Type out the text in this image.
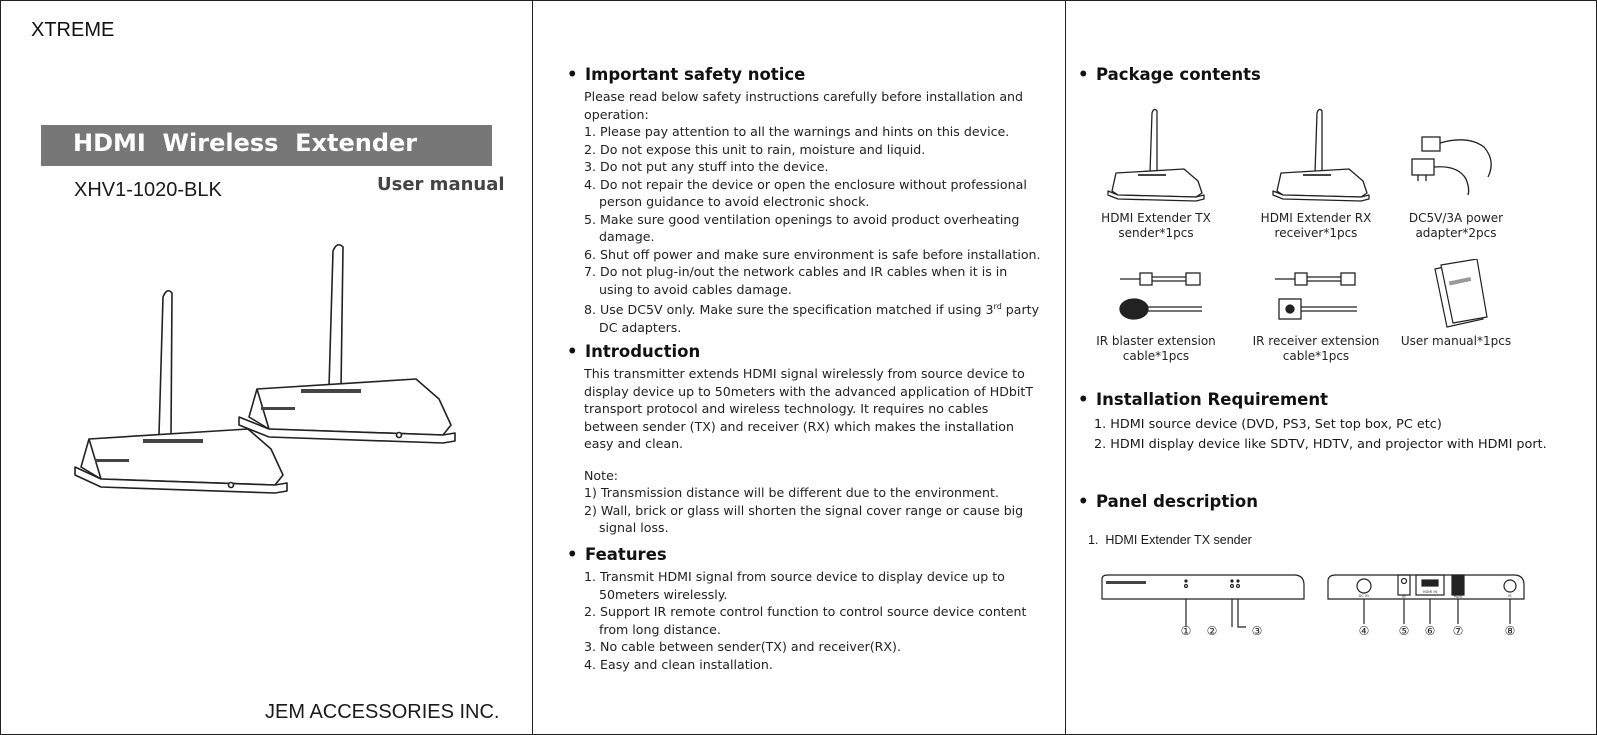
XTREME
HDMI  Wireless  Extender
XHV1-1020-BLK	User manual
JEM ACCESSORIES INC.
• Important safety notice
Please read below safety instructions carefully before installation and operation:
1. Please pay attention to all the warnings and hints on this device.
2. Do not expose this unit to rain, moisture and liquid.
3. Do not put any stuff into the device.
4. Do not repair the device or open the enclosure without professional person guidance to avoid electronic shock.
5. Make sure good ventilation openings to avoid product overheating damage.
6. Shut off power and make sure environment is safe before installation.
7. Do not plug-in/out the network cables and IR cables when it is in using to avoid cables damage.
8. Use DC5V only. Make sure the specification matched if using 3rd party DC adapters.
• Introduction
This transmitter extends HDMI signal wirelessly from source device to display device up to 50meters with the advanced application of HDbitT transport protocol and wireless technology. It requires no cables between sender (TX) and receiver (RX) which makes the installation easy and clean.
Note:
1) Transmission distance will be different due to the environment.
2) Wall, brick or glass will shorten the signal cover range or cause big signal loss.
• Features
1. Transmit HDMI signal from source device to display device up to 50meters wirelessly.
2. Support IR remote control function to control source device content from long distance.
3. No cable between sender(TX) and receiver(RX).
4. Easy and clean installation.
• Package contents
HDMI Extender TX
sender*1pcs
HDMI Extender RX
receiver*1pcs
DC5V/3A power
adapter*2pcs
IR blaster extension
cable*1pcs
IR receiver extension
cable*1pcs
User manual*1pcs
• Installation Requirement
1. HDMI source device (DVD, PS3, Set top box, PC etc)
2. HDMI display device like SDTV, HDTV, and projector with HDMI port.
• Panel description
1.  HDMI Extender TX sender
① ②	③	④ ⑤ ⑥ ⑦	⑧
DC 5V	IR
HDMI IN
PAIR	IR
